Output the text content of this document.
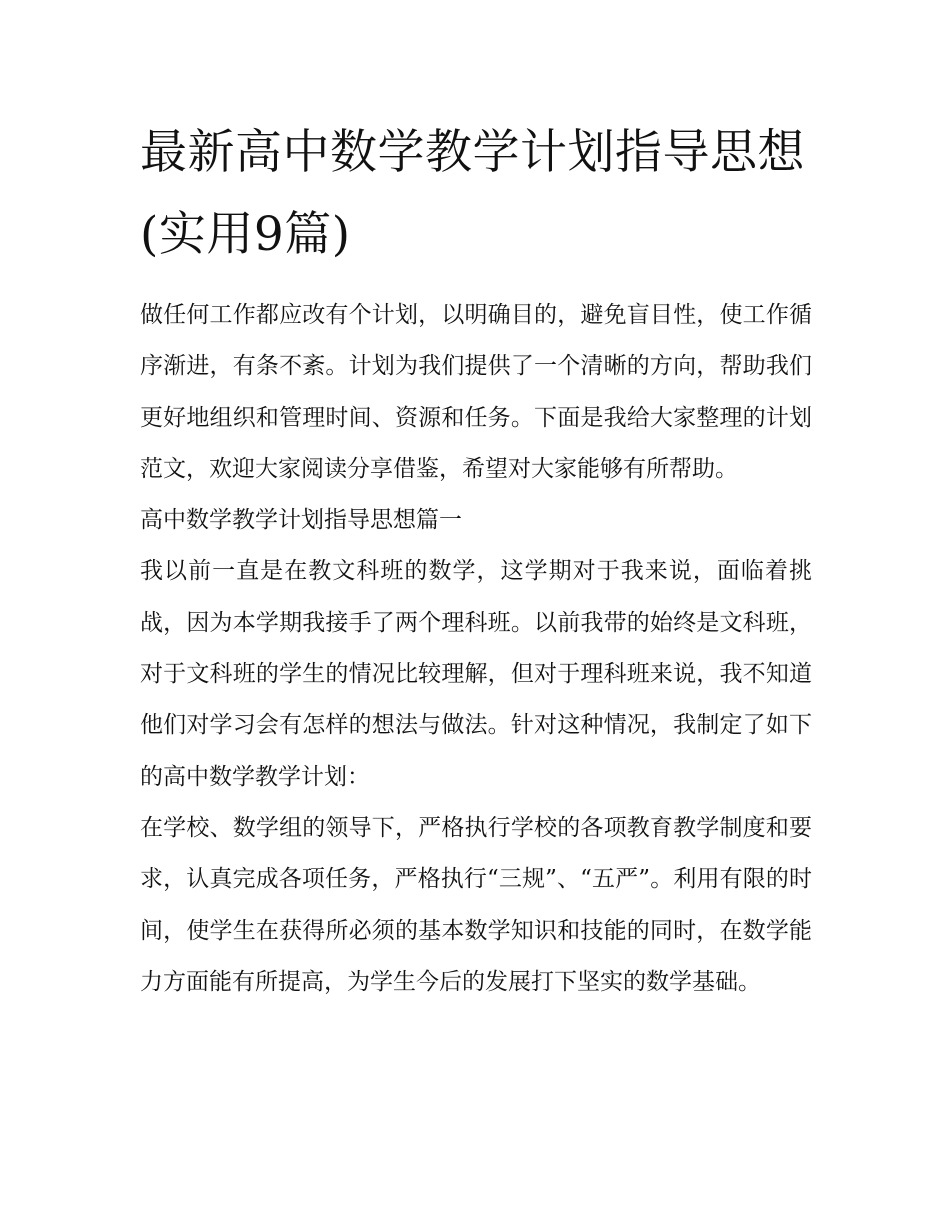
最新高中数学教学计划指导思想(实用9篇)

做任何工作都应改有个计划，以明确目的，避免盲目性，使工作循序渐进，有条不紊。计划为我们提供了一个清晰的方向，帮助我们更好地组织和管理时间、资源和任务。下面是我给大家整理的计划范文，欢迎大家阅读分享借鉴，希望对大家能够有所帮助。

高中数学教学计划指导思想篇一

我以前一直是在教文科班的数学，这学期对于我来说，面临着挑战，因为本学期我接手了两个理科班。以前我带的始终是文科班，对于文科班的学生的情况比较理解，但对于理科班来说，我不知道他们对学习会有怎样的想法与做法。针对这种情况，我制定了如下的高中数学教学计划：

在学校、数学组的领导下，严格执行学校的各项教育教学制度和要求，认真完成各项任务，严格执行“三规”、“五严”。利用有限的时间，使学生在获得所必须的基本数学知识和技能的同时，在数学能力方面能有所提高，为学生今后的发展打下坚实的数学基础。
